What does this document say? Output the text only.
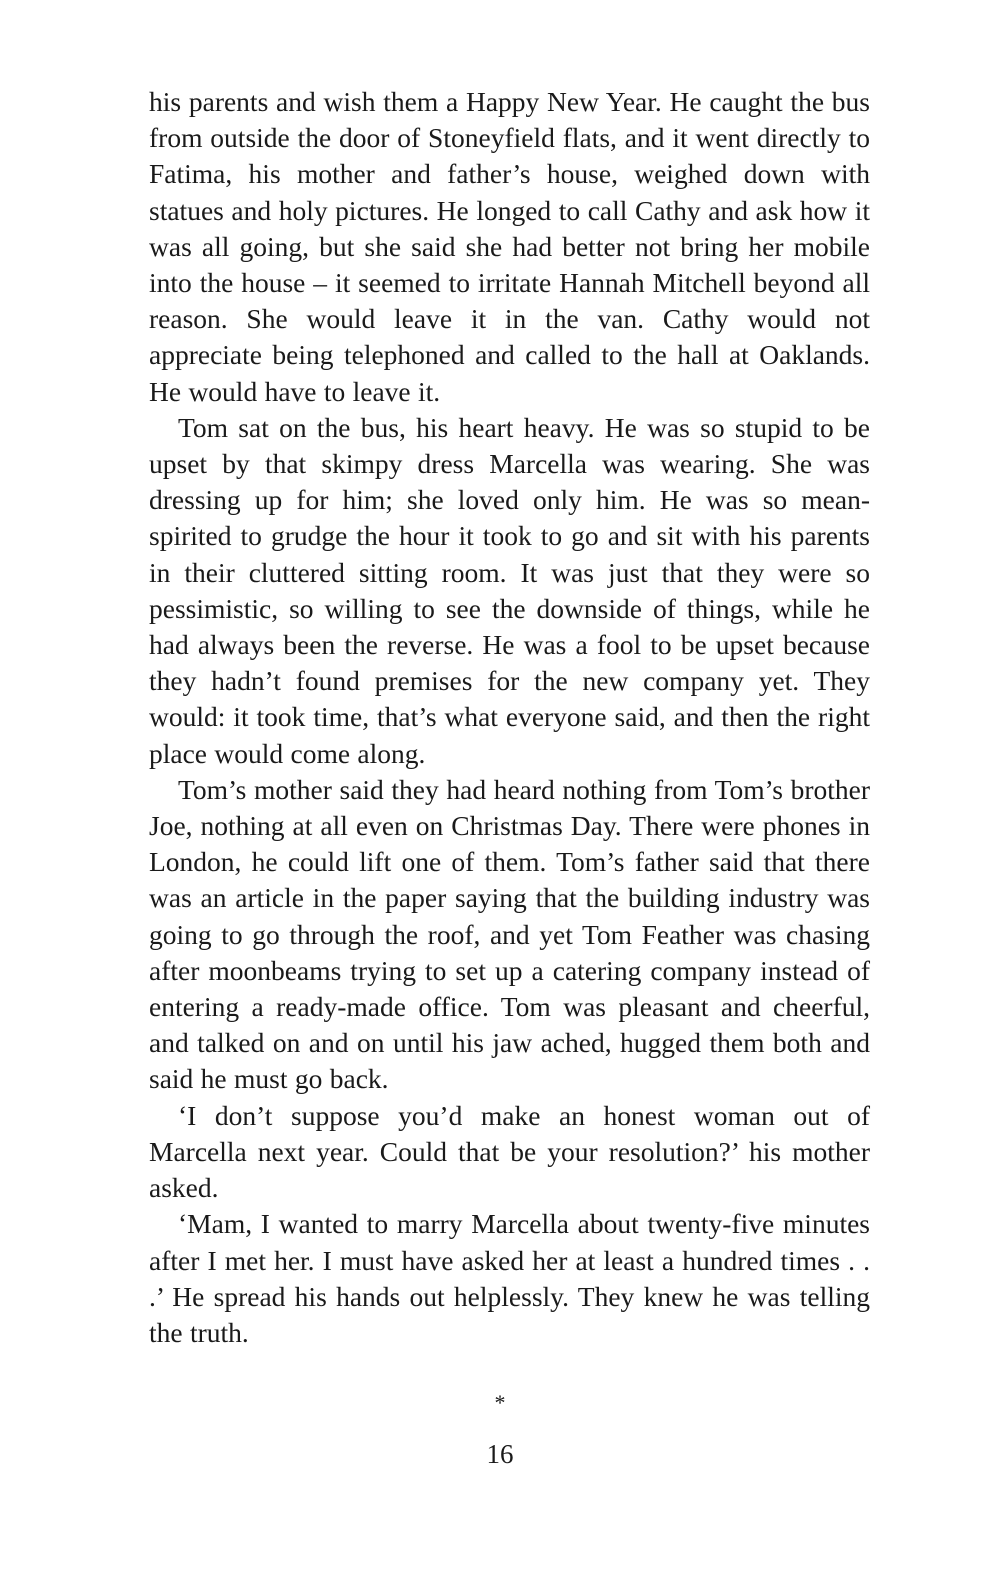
his parents and wish them a Happy New Year. He caught the bus from outside the door of Stoneyfield flats, and it went directly to Fatima, his mother and father’s house, weighed down with statues and holy pictures. He longed to call Cathy and ask how it was all going, but she said she had better not bring her mobile into the house – it seemed to irritate Hannah Mitchell beyond all reason. She would leave it in the van. Cathy would not appreciate being telephoned and called to the hall at Oaklands. He would have to leave it.

Tom sat on the bus, his heart heavy. He was so stupid to be upset by that skimpy dress Marcella was wearing. She was dressing up for him; she loved only him. He was so mean-spirited to grudge the hour it took to go and sit with his parents in their cluttered sitting room. It was just that they were so pessimistic, so willing to see the downside of things, while he had always been the reverse. He was a fool to be upset because they hadn’t found premises for the new company yet. They would: it took time, that’s what everyone said, and then the right place would come along.

Tom’s mother said they had heard nothing from Tom’s brother Joe, nothing at all even on Christmas Day. There were phones in London, he could lift one of them. Tom’s father said that there was an article in the paper saying that the building industry was going to go through the roof, and yet Tom Feather was chasing after moonbeams trying to set up a catering company instead of entering a ready-made office. Tom was pleasant and cheerful, and talked on and on until his jaw ached, hugged them both and said he must go back.

‘I don’t suppose you’d make an honest woman out of Marcella next year. Could that be your resolution?’ his mother asked.

‘Mam, I wanted to marry Marcella about twenty-five minutes after I met her. I must have asked her at least a hundred times . . .’ He spread his hands out helplessly. They knew he was telling the truth.

*
16
